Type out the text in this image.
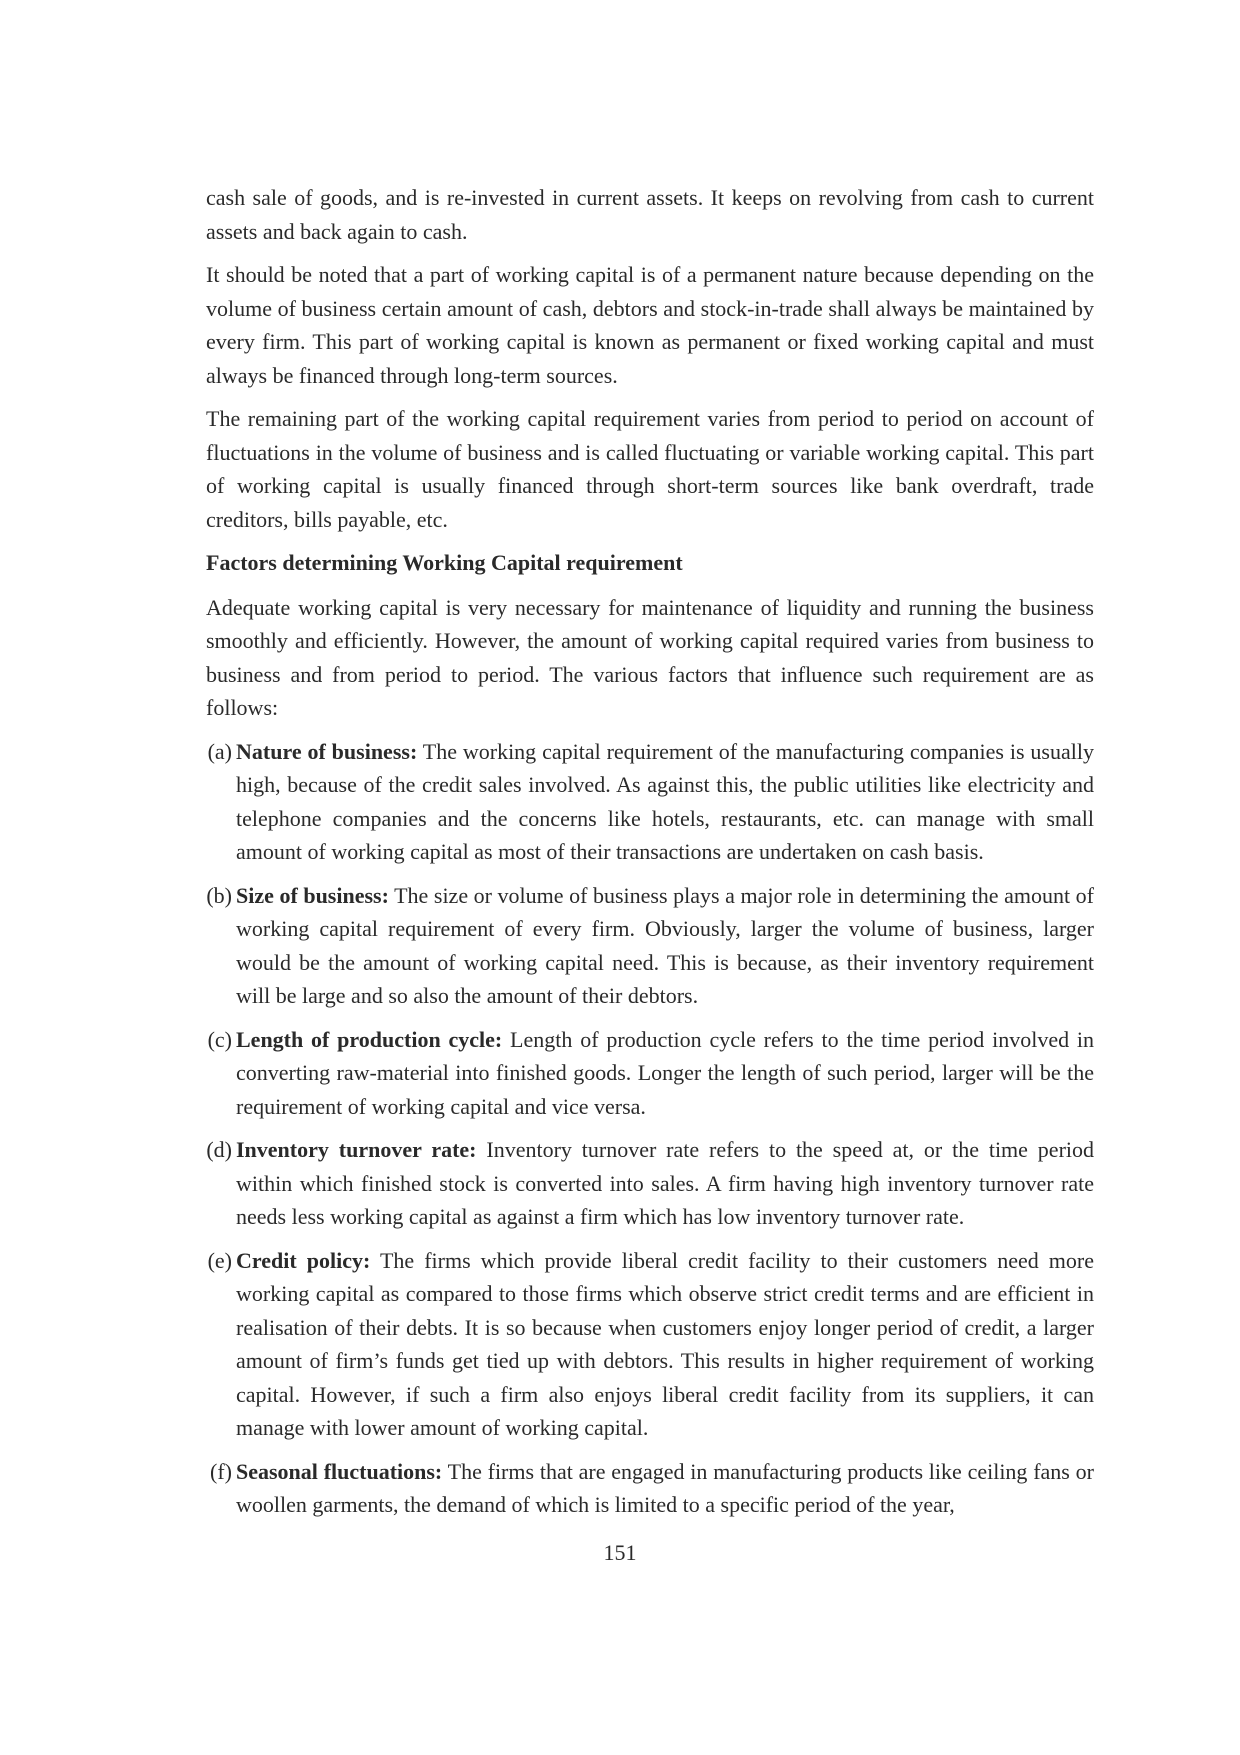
cash sale of goods, and is re-invested in current assets. It keeps on revolving from cash to current assets and back again to cash.

It should be noted that a part of working capital is of a permanent nature because depending on the volume of business certain amount of cash, debtors and stock-in-trade shall always be maintained by every firm. This part of working capital is known as permanent or fixed working capital and must always be financed through long-term sources.

The remaining part of the working capital requirement varies from period to period on account of fluctuations in the volume of business and is called fluctuating or variable working capital. This part of working capital is usually financed through short-term sources like bank overdraft, trade creditors, bills payable, etc.

Factors determining Working Capital requirement

Adequate working capital is very necessary for maintenance of liquidity and running the business smoothly and efficiently. However, the amount of working capital required varies from business to business and from period to period. The various factors that influence such requirement are as follows:

(a) Nature of business: The working capital requirement of the manufacturing companies is usually high, because of the credit sales involved. As against this, the public utilities like electricity and telephone companies and the concerns like hotels, restaurants, etc. can manage with small amount of working capital as most of their transactions are undertaken on cash basis.
(b) Size of business: The size or volume of business plays a major role in determining the amount of working capital requirement of every firm. Obviously, larger the volume of business, larger would be the amount of working capital need. This is because, as their inventory requirement will be large and so also the amount of their debtors.
(c) Length of production cycle: Length of production cycle refers to the time period involved in converting raw-material into finished goods. Longer the length of such period, larger will be the requirement of working capital and vice versa.
(d) Inventory turnover rate: Inventory turnover rate refers to the speed at, or the time period within which finished stock is converted into sales. A firm having high inventory turnover rate needs less working capital as against a firm which has low inventory turnover rate.
(e) Credit policy: The firms which provide liberal credit facility to their customers need more working capital as compared to those firms which observe strict credit terms and are efficient in realisation of their debts. It is so because when customers enjoy longer period of credit, a larger amount of firm’s funds get tied up with debtors. This results in higher requirement of working capital. However, if such a firm also enjoys liberal credit facility from its suppliers, it can manage with lower amount of working capital.
(f) Seasonal fluctuations: The firms that are engaged in manufacturing products like ceiling fans or woollen garments, the demand of which is limited to a specific period of the year,
151
